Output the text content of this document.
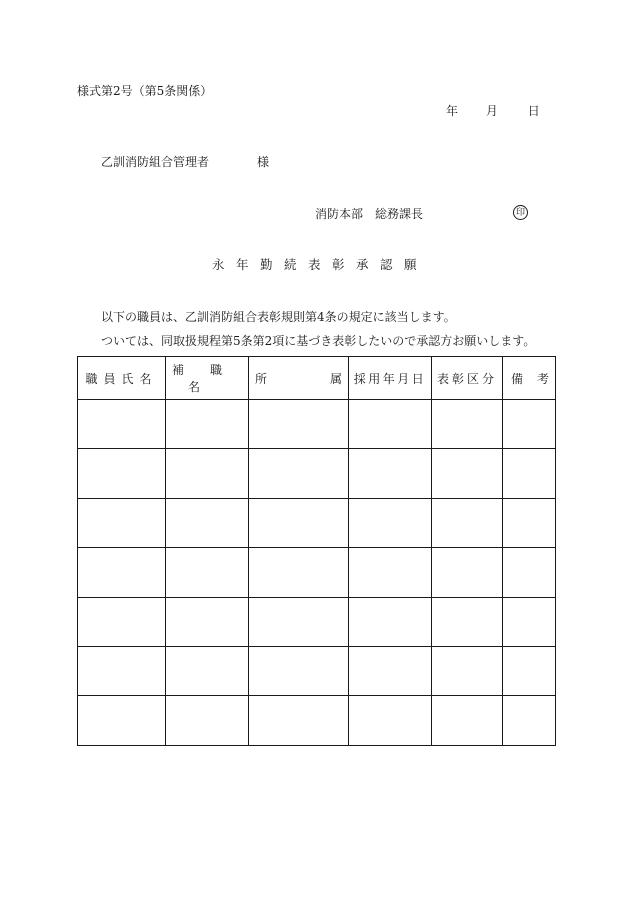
様式第2号（第5条関係）
年 月 日
乙訓消防組合管理者	様
消防本部　総務課長	印
永年勤続表彰承認願
以下の職員は、乙訓消防組合表彰規則第4条の規定に該当します。
ついては、同取扱規程第5条第2項に基づき表彰したいので承認方お願いします。
職員氏名	補 職名	所 属	採用年月日	表彰区分	備 考
